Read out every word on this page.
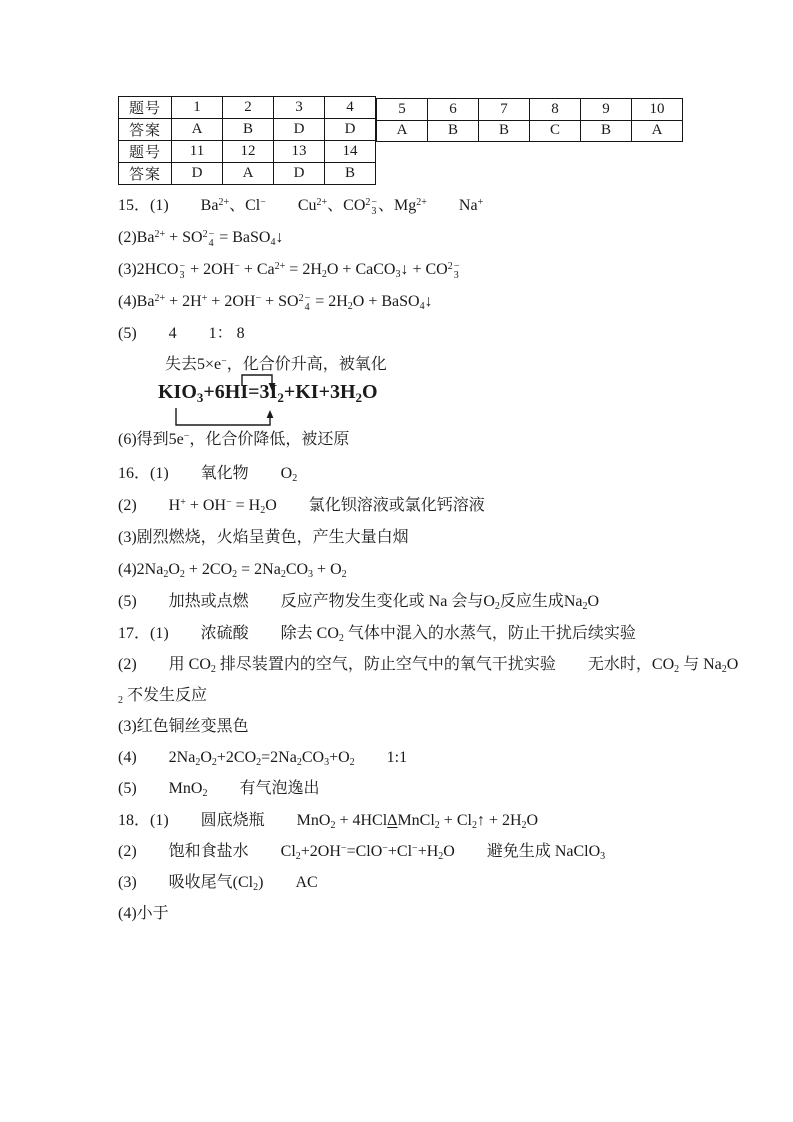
题号	1	2	3	4
答案	A	B	D	D
题号	11	12	13	14
答案	D	A	D	B
5	6	7	8	9	10
A	B	B	C	B	A
15．(1)　　$Ba^{2+}$、Cl−　　$Cu^{2+}$、$CO^2$ −
3 、$Mg^{2+}$　　Na+
$(2)Ba^{2+} + SO^2$ −
4 = BaSO$_4$↓
(3)2HCO −
$3 + 2OH^- + Ca^{2+} = 2H_2O$ + CaCO$_3$↓ + $CO^2$ −
3
$(4)Ba^{2+} + 2H^+ + 2OH^- + SO^2$ −
$4 = 2H_2O$ + BaSO$_4$↓
(5)　　4　　1： 8
失去5×e−，化合价升高，被氧化
$KIO_3+6HI=3I_2+KI+3H_2O$
(6)得到5e−，化合价降低，被还原
16．(1)　　氧化物　　$O_2$
(2)　　$H^+ + OH^- = H_2O$　　氯化钡溶液或氯化钙溶液
(3)剧烈燃烧，火焰呈黄色，产生大量白烟
$(4)2Na_2O_2 + 2CO_2 = 2Na_2CO_3 + O_2$
(5)　　加热或点燃　　反应产物发生变化或 Na 会与$O_2$反应生成$Na_2O$
17．(1)　　浓硫酸　　除去 $CO_2$ 气体中混入的水蒸气，防止干扰后续实验
(2)　　用 $CO_2$ 排尽装置内的空气，防止空气中的氧气干扰实验　　无水时，$CO_2$ 与 $Na_2O$
$_2$ 不发生反应
(3)红色铜丝变黑色
(4)　　$2Na_2O_2+2CO_2=2Na_2CO_3+O_2$　　1:1
(5)　　MnO$_2$　　有气泡逸出
18．(1)　　圆底烧瓶　　MnO$_2$ + 4HClΔMnCl$_2$ + $Cl_2↑ + 2H_2O$
(2)　　饱和食盐水　　$Cl_2+2OH^-=ClO^-+Cl^-+H_2O$　　避免生成 NaClO$_3$
(3)　　吸收尾气$(Cl_2)$　　AC
(4)小于
